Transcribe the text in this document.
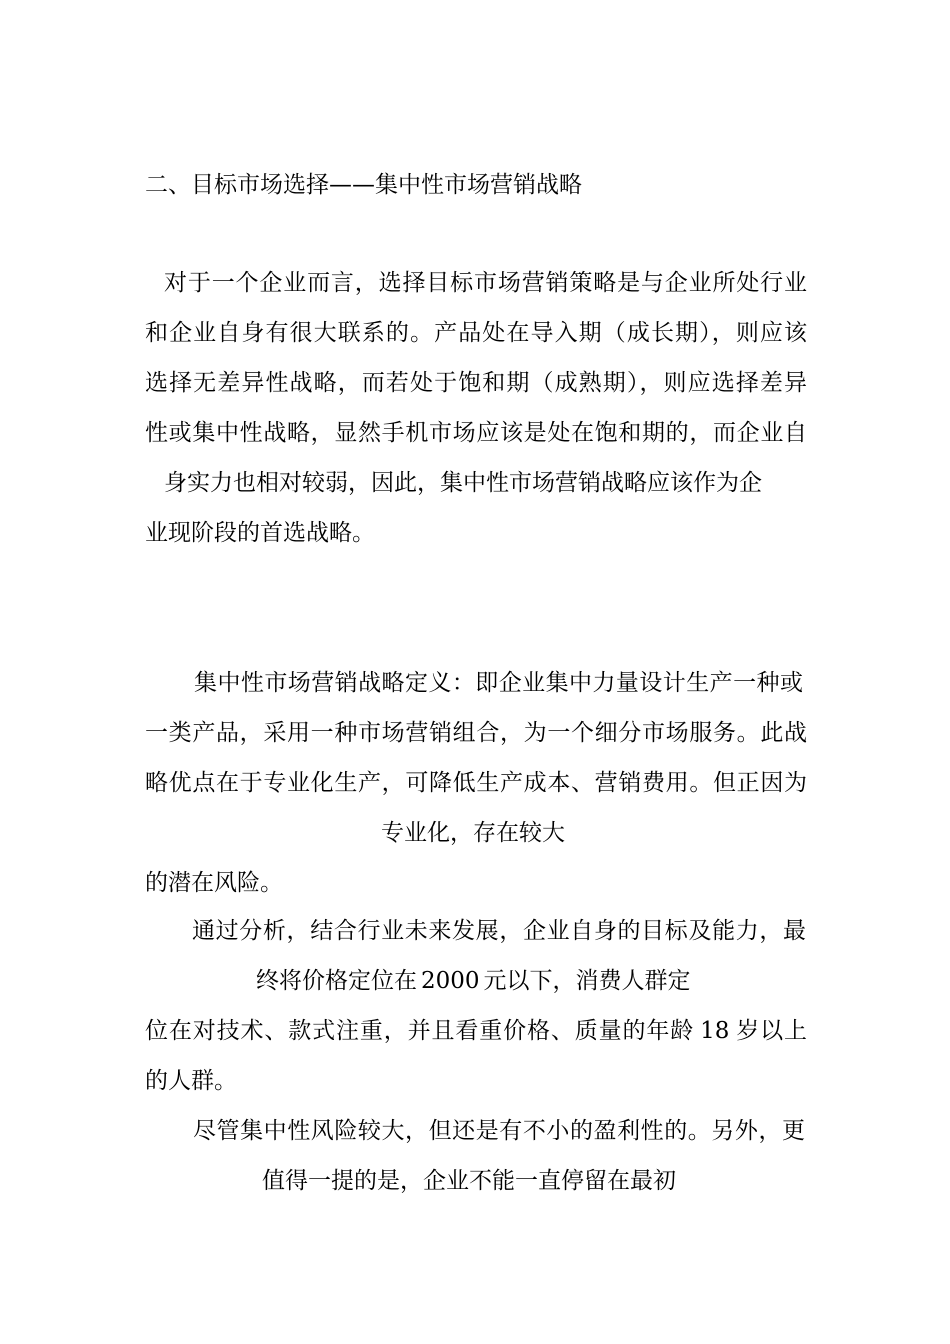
二、目标市场选择——集中性市场营销战略

对于一个企业而言，选择目标市场营销策略是与企业所处行业

和企业自身有很大联系的。产品处在导入期（成长期），则应该

选择无差异性战略，而若处于饱和期（成熟期），则应选择差异

性或集中性战略，显然手机市场应该是处在饱和期的，而企业自

身实力也相对较弱，因此，集中性市场营销战略应该作为企

业现阶段的首选战略。

集中性市场营销战略定义：即企业集中力量设计生产一种或

一类产品，采用一种市场营销组合，为一个细分市场服务。此战

略优点在于专业化生产，可降低生产成本、营销费用。但正因为

专业化，存在较大

的潜在风险。

通过分析，结合行业未来发展，企业自身的目标及能力，最

终将价格定位在 2000 元以下，消费人群定

位在对技术、款式注重，并且看重价格、质量的年龄 18 岁以上

的人群。

尽管集中性风险较大，但还是有不小的盈利性的。另外，更

值得一提的是，企业不能一直停留在最初
